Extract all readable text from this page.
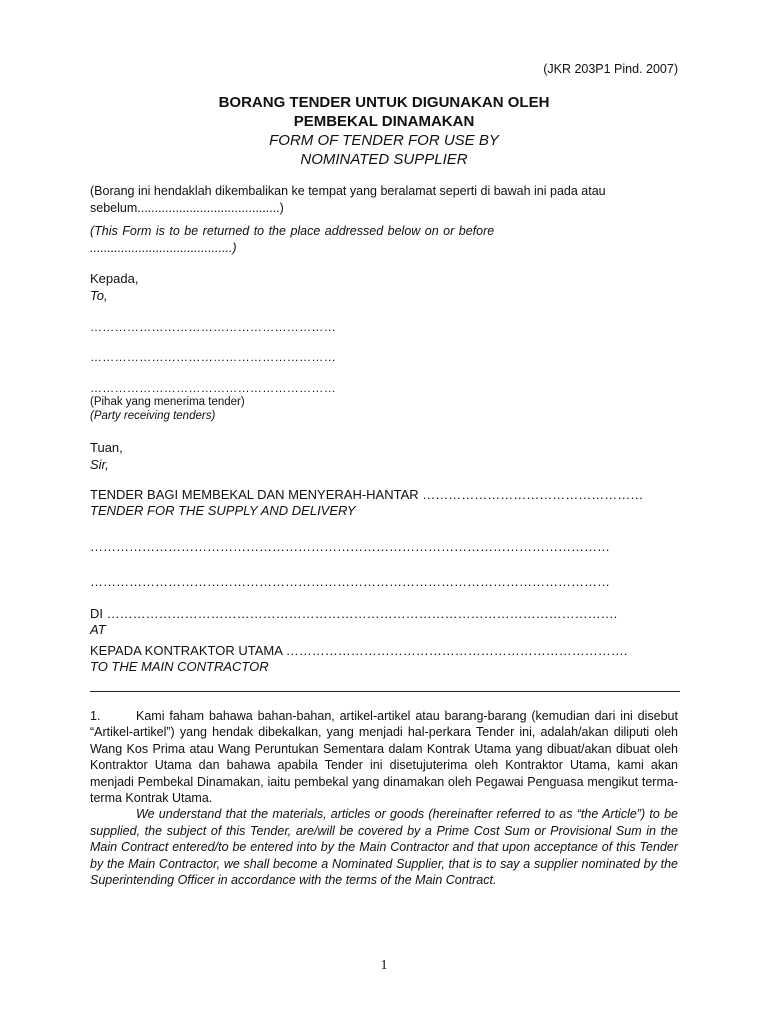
(JKR 203P1 Pind. 2007)
BORANG TENDER UNTUK DIGUNAKAN OLEH
PEMBEKAL DINAMAKAN
FORM OF TENDER FOR USE BY
NOMINATED SUPPLIER
(Borang ini hendaklah dikembalikan ke tempat yang beralamat seperti di bawah ini pada atau
sebelum.........................................)
(This Form is to be returned to the place addressed below on or before
.........................................)
Kepada,
To,
……………………………………………………
……………………………………………………
……………………………………………………
(Pihak yang menerima tender)
(Party receiving tenders)
Tuan,
Sir,
TENDER BAGI MEMBEKAL DAN MENYERAH-HANTAR ……………………………………………
TENDER FOR THE SUPPLY AND DELIVERY
…………………………………………………………………………………………………………
…………………………………………………………………………………………………………
DI ……………………………………………………………………………………………………….
AT
KEPADA KONTRAKTOR UTAMA …………………………………………………………………….
TO THE MAIN CONTRACTOR

1.	Kami faham bahawa bahan-bahan, artikel-artikel atau barang-barang (kemudian dari ini disebut “Artikel-artikel”) yang hendak dibekalkan, yang menjadi hal-perkara Tender ini, adalah/akan diliputi oleh Wang Kos Prima atau Wang Peruntukan Sementara dalam Kontrak Utama yang dibuat/akan dibuat oleh Kontraktor Utama dan bahawa apabila Tender ini disetujuterima oleh Kontraktor Utama, kami akan menjadi Pembekal Dinamakan, iaitu pembekal yang dinamakan oleh Pegawai Penguasa mengikut terma-terma Kontrak Utama.

We understand that the materials, articles or goods (hereinafter referred to as “the Article”) to be supplied, the subject of this Tender, are/will be covered by a Prime Cost Sum or Provisional Sum in the Main Contract entered/to be entered into by the Main Contractor and that upon acceptance of this Tender by the Main Contractor, we shall become a Nominated Supplier, that is to say a supplier nominated by the Superintending Officer in accordance with the terms of the Main Contract.

1
